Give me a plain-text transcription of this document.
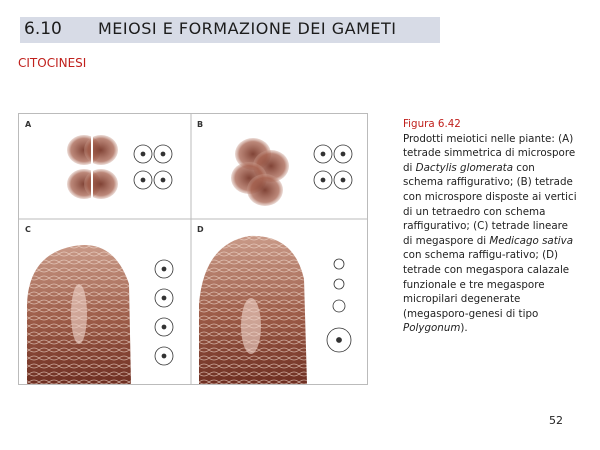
6.10 MEIOSI E FORMAZIONE DEI GAMETI
CITOCINESI
A	B
C	D
Figura 6.42
Prodotti meiotici nelle piante: (A) tetrade simmetrica di microspore di Dactylis glomerata con schema raffigurativo; (B) tetrade con microspore disposte ai vertici di un tetraedro con schema raffigurativo; (C) tetrade lineare di megaspore di Medicago sativa con schema raffigu-rativo; (D) tetrade con megaspora calazale funzionale e tre megaspore micropilari degenerate (megasporo-genesi di tipo Polygonum).
52
